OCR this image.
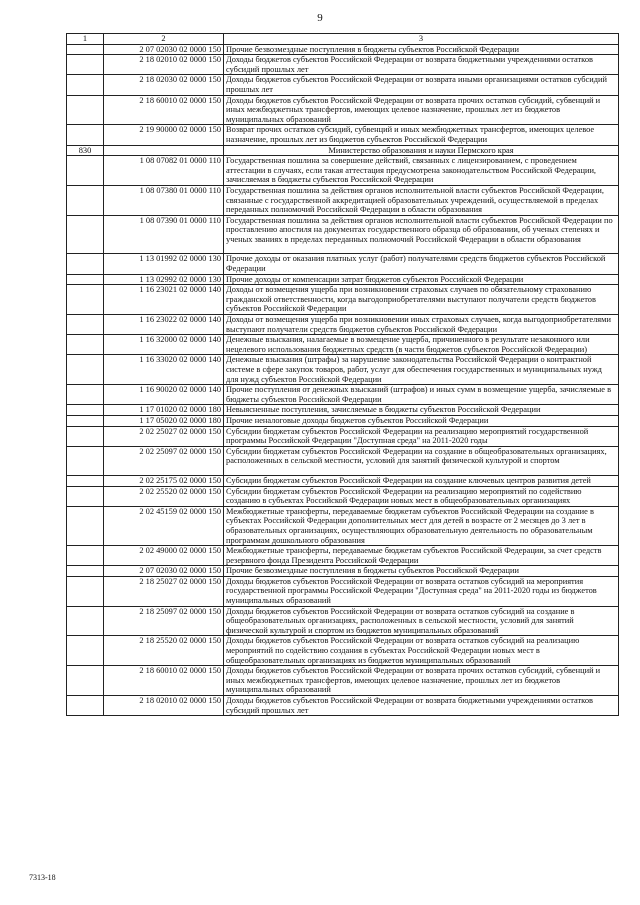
9
1	2	3
	2 07 02030 02 0000 150	Прочие безвозмездные поступления в бюджеты субъектов Российской Федерации
	2 18 02010 02 0000 150	Доходы бюджетов субъектов Российской Федерации от возврата бюджетными учреждениями остатков субсидий прошлых лет
	2 18 02030 02 0000 150	Доходы бюджетов субъектов Российской Федерации от возврата иными организациями остатков субсидий прошлых лет
	2 18 60010 02 0000 150	Доходы бюджетов субъектов Российской Федерации от возврата прочих остатков субсидий, субвенций и иных межбюджетных трансфертов, имеющих целевое назначение, прошлых лет из бюджетов муниципальных образований
	2 19 90000 02 0000 150	Возврат прочих остатков субсидий, субвенций и иных межбюджетных трансфертов, имеющих целевое назначение, прошлых лет из бюджетов субъектов Российской Федерации
830		Министерство образования и науки Пермского края
	1 08 07082 01 0000 110	Государственная пошлина за совершение действий, связанных с лицензированием, с проведением аттестации в случаях, если такая аттестация предусмотрена законодательством Российской Федерации, зачисляемая в бюджеты субъектов Российской Федерации
	1 08 07380 01 0000 110	Государственная пошлина за действия органов исполнительной власти субъектов Российской Федерации, связанные с государственной аккредитацией образовательных учреждений, осуществляемой в пределах переданных полномочий Российской Федерации в области образования
	1 08 07390 01 0000 110	Государственная пошлина за действия органов исполнительной власти субъектов Российской Федерации по проставлению апостиля на документах государственного образца об образовании, об ученых степенях и ученых званиях в пределах переданных полномочий Российской Федерации в области образования
	1 13 01992 02 0000 130	Прочие доходы от оказания платных услуг (работ) получателями средств бюджетов субъектов Российской Федерации
	1 13 02992 02 0000 130	Прочие доходы от компенсации затрат бюджетов субъектов Российской Федерации
	1 16 23021 02 0000 140	Доходы от возмещения ущерба при возникновении страховых случаев по обязательному страхованию гражданской ответственности, когда выгодоприобретателями выступают получатели средств бюджетов субъектов Российской Федерации
	1 16 23022 02 0000 140	Доходы от возмещения ущерба при возникновении иных страховых случаев, когда выгодоприобретателями выступают получатели средств бюджетов субъектов Российской Федерации
	1 16 32000 02 0000 140	Денежные взыскания, налагаемые в возмещение ущерба, причиненного в результате незаконного или нецелевого использования бюджетных средств (в части бюджетов субъектов Российской Федерации)
	1 16 33020 02 0000 140	Денежные взыскания (штрафы) за нарушение законодательства Российской Федерации о контрактной системе в сфере закупок товаров, работ, услуг для обеспечения государственных и муниципальных нужд для нужд субъектов Российской Федерации
	1 16 90020 02 0000 140	Прочие поступления от денежных взысканий (штрафов) и иных сумм в возмещение ущерба, зачисляемые в бюджеты субъектов Российской Федерации
	1 17 01020 02 0000 180	Невыясненные поступления, зачисляемые в бюджеты субъектов Российской Федерации
	1 17 05020 02 0000 180	Прочие неналоговые доходы бюджетов субъектов Российской Федерации
	2 02 25027 02 0000 150	Субсидии бюджетам субъектов Российской Федерации на реализацию мероприятий государственной программы Российской Федерации "Доступная среда" на 2011-2020 годы
	2 02 25097 02 0000 150	Субсидии бюджетам субъектов Российской Федерации на создание в общеобразовательных организациях, расположенных в сельской местности, условий для занятий физической культурой и спортом
	2 02 25175 02 0000 150	Субсидии бюджетам субъектов Российской Федерации на создание ключевых центров развития детей
	2 02 25520 02 0000 150	Субсидии бюджетам субъектов Российской Федерации на реализацию мероприятий по содействию созданию в субъектах Российской Федерации новых мест в общеобразовательных организациях
	2 02 45159 02 0000 150	Межбюджетные трансферты, передаваемые бюджетам субъектов Российской Федерации на создание в субъектах Российской Федерации дополнительных мест для детей в возрасте от 2 месяцев до 3 лет в образовательных организациях, осуществляющих образовательную деятельность по образовательным программам дошкольного образования
	2 02 49000 02 0000 150	Межбюджетные трансферты, передаваемые бюджетам субъектов Российской Федерации, за счет средств резервного фонда Президента Российской Федерации
	2 07 02030 02 0000 150	Прочие безвозмездные поступления в бюджеты субъектов Российской Федерации
	2 18 25027 02 0000 150	Доходы бюджетов субъектов Российской Федерации от возврата остатков субсидий на мероприятия государственной программы Российской Федерации "Доступная среда" на 2011-2020 годы из бюджетов муниципальных образований
	2 18 25097 02 0000 150	Доходы бюджетов субъектов Российской Федерации от возврата остатков субсидий на создание в общеобразовательных организациях, расположенных в сельской местности, условий для занятий физической культурой и спортом из бюджетов муниципальных образований
	2 18 25520 02 0000 150	Доходы бюджетов субъектов Российской Федерации от возврата остатков субсидий на реализацию мероприятий по содействию создания в субъектах Российской Федерации новых мест в общеобразовательных организациях из бюджетов муниципальных образований
	2 18 60010 02 0000 150	Доходы бюджетов субъектов Российской Федерации от возврата прочих остатков субсидий, субвенций и иных межбюджетных трансфертов, имеющих целевое назначение, прошлых лет из бюджетов муниципальных образований
	2 18 02010 02 0000 150	Доходы бюджетов субъектов Российской Федерации от возврата бюджетными учреждениями остатков субсидий прошлых лет
7313-18
